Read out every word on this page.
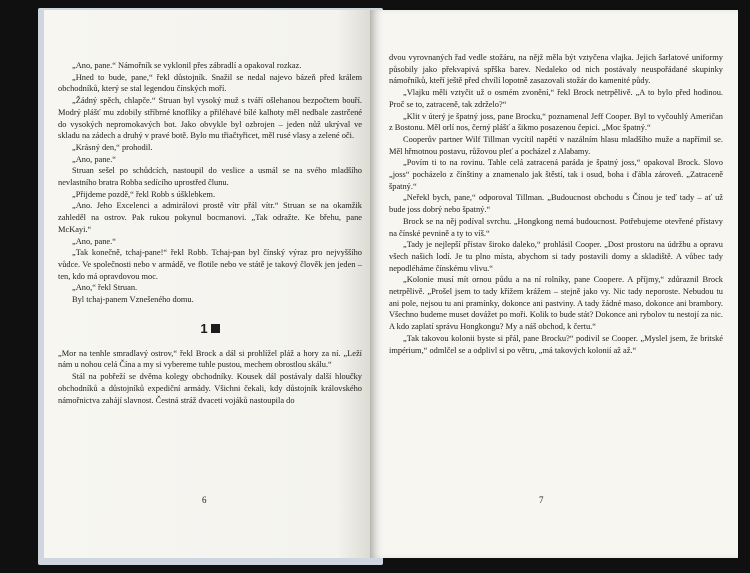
„Ano, pane.“ Námořník se vyklonil přes zábradlí a opakoval rozkaz.

„Hned to bude, pane,“ řekl důstojník. Snažil se nedal najevo bázeň před králem obchodníků, který se stal legendou čínských moří.

„Žádný spěch, chlapče.“ Struan byl vysoký muž s tváří ošlehanou bezpočtem bouří. Modrý plášť mu zdobily stříbrné knoflíky a přiléhavé bílé kalhoty měl nedbale zastrčené do vysokých nepromokavých bot. Jako obvykle byl ozbrojen – jeden nůž ukrýval ve skladu na zádech a druhý v pravé botě. Bylo mu třiačtyřicet, měl rusé vlasy a zelené oči.

„Krásný den,“ prohodil.

„Ano, pane.“

Struan sešel po schůdcích, nastoupil do veslice a usmál se na svého mladšího nevlastního bratra Robba sedícího uprostřed člunu.

„Přijdeme pozdě,“ řekl Robb s úšklebkem.

„Ano. Jeho Excelenci a admirálovi prostě vítr přál vítr.“ Struan se na okamžik zahleděl na ostrov. Pak rukou pokynul bocmanovi. „Tak odražte. Ke břehu, pane McKayi.“

„Ano, pane.“

„Tak konečně, tchaj-pane!“ řekl Robb. Tchaj-pan byl čínský výraz pro nejvyššího vůdce. Ve společnosti nebo v armádě, ve flotile nebo ve státě je takový člověk jen jeden – ten, kdo má opravdovou moc.

„Ano,“ řekl Struan.

Byl tchaj-panem Vznešeného domu.

1

„Mor na tenhle smradlavý ostrov,“ řekl Brock a dál si prohlížel pláž a hory za ní. „Leží nám u nohou celá Čína a my si vybereme tuhle pustou, mechem obrostlou skálu.“

Stál na pobřeží se dvěma kolegy obchodníky. Kousek dál postávaly další hloučky obchodníků a důstojníků expediční armády. Všichni čekali, kdy důstojník královského námořnictva zahájí slavnost. Čestná stráž dvaceti vojáků nastoupila do

6

dvou vyrovnaných řad vedle stožáru, na nějž měla být vztyčena vlajka. Jejich šarlatové uniformy působily jako překvapivá spřška barev. Nedaleko od nich postávaly neuspořádané skupinky námořníků, kteří ještě před chvílí lopotně zasazovali stožár do kamenité půdy.

„Vlajku měli vztyčit už o osmém zvonění,“ řekl Brock netrpělivě. „A to bylo před hodinou. Proč se to, zatraceně, tak zdrželo?“

„Klit v úterý je špatný joss, pane Brocku,“ poznamenal Jeff Cooper. Byl to vyčouhlý Američan z Bostonu. Měl orlí nos, černý plášť a šikmo posazenou čepici. „Moc špatný.“

Cooperův partner Wilf Tillman vycítil napětí v nazálním hlasu mladšího muže a napřímil se. Měl hřmotnou postavu, růžovou pleť a pocházel z Alabamy.

„Povím ti to na rovinu. Tahle celá zatracená paráda je špatný joss,“ opakoval Brock. Slovo „joss“ pocházelo z čínštiny a znamenalo jak štěstí, tak i osud, boha i ďábla zároveň. „Zatraceně špatný.“

„Neřekl bych, pane,“ odporoval Tillman. „Budoucnost obchodu s Čínou je teď tady – ať už bude joss dobrý nebo špatný.“

Brock se na něj podíval svrchu. „Hongkong nemá budoucnost. Potřebujeme otevřené přístavy na čínské pevnině a ty to víš.“

„Tady je nejlepší přístav široko daleko,“ prohlásil Cooper. „Dost prostoru na údržbu a opravu všech našich lodí. Je tu plno místa, abychom si tady postavili domy a skladiště. A vůbec tady nepodléháme čínskému vlivu.“

„Kolonie musí mít ornou půdu a na ní rolníky, pane Coopere. A příjmy,“ zdůraznil Brock netrpělivě. „Prošel jsem to tady křížem krážem – stejně jako vy. Nic tady neporoste. Nebudou tu ani pole, nejsou tu ani pramínky, dokonce ani pastviny. A tady žádné maso, dokonce ani brambory. Všechno budeme muset dovážet po moři. Kolik to bude stát? Dokonce ani rybolov tu nestojí za nic. A kdo zaplatí správu Hongkongu? My a náš obchod, k čertu.“

„Tak takovou kolonii byste si přál, pane Brocku?“ podivil se Cooper. „Myslel jsem, že britské impérium,“ odmlčel se a odplivl si po větru, „má takových kolonií až až.“

7
